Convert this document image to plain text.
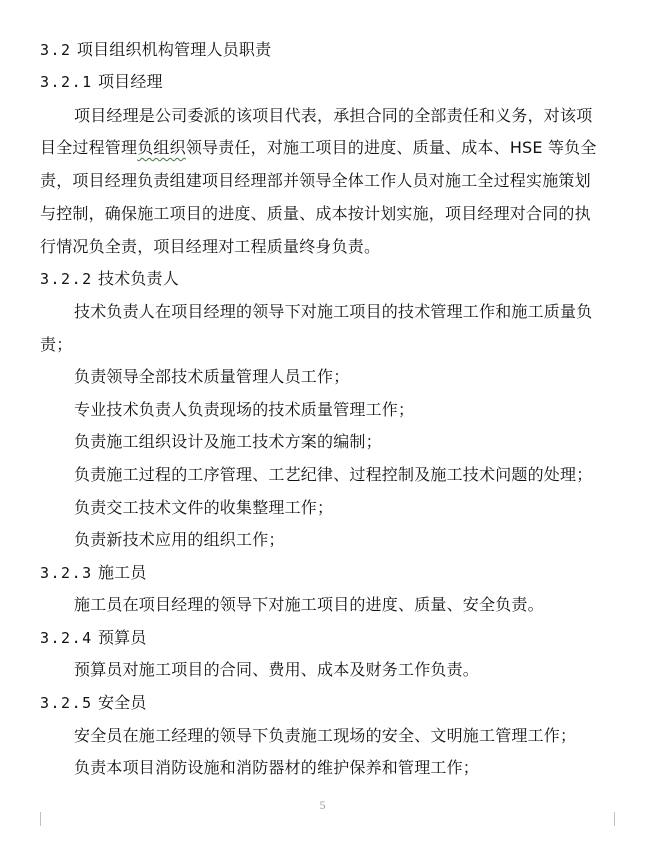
3.2 项目组织机构管理人员职责
3.2.1 项目经理
项目经理是公司委派的该项目代表，承担合同的全部责任和义务，对该项
目全过程管理负组织领导责任，对施工项目的进度、质量、成本、HSE 等负全
责，项目经理负责组建项目经理部并领导全体工作人员对施工全过程实施策划
与控制，确保施工项目的进度、质量、成本按计划实施，项目经理对合同的执
行情况负全责，项目经理对工程质量终身负责。
3.2.2 技术负责人
技术负责人在项目经理的领导下对施工项目的技术管理工作和施工质量负
责；
负责领导全部技术质量管理人员工作；
专业技术负责人负责现场的技术质量管理工作；
负责施工组织设计及施工技术方案的编制；
负责施工过程的工序管理、工艺纪律、过程控制及施工技术问题的处理；
负责交工技术文件的收集整理工作；
负责新技术应用的组织工作；
3.2.3 施工员
施工员在项目经理的领导下对施工项目的进度、质量、安全负责。
3.2.4 预算员
预算员对施工项目的合同、费用、成本及财务工作负责。
3.2.5 安全员
安全员在施工经理的领导下负责施工现场的安全、文明施工管理工作；
负责本项目消防设施和消防器材的维护保养和管理工作；
5
